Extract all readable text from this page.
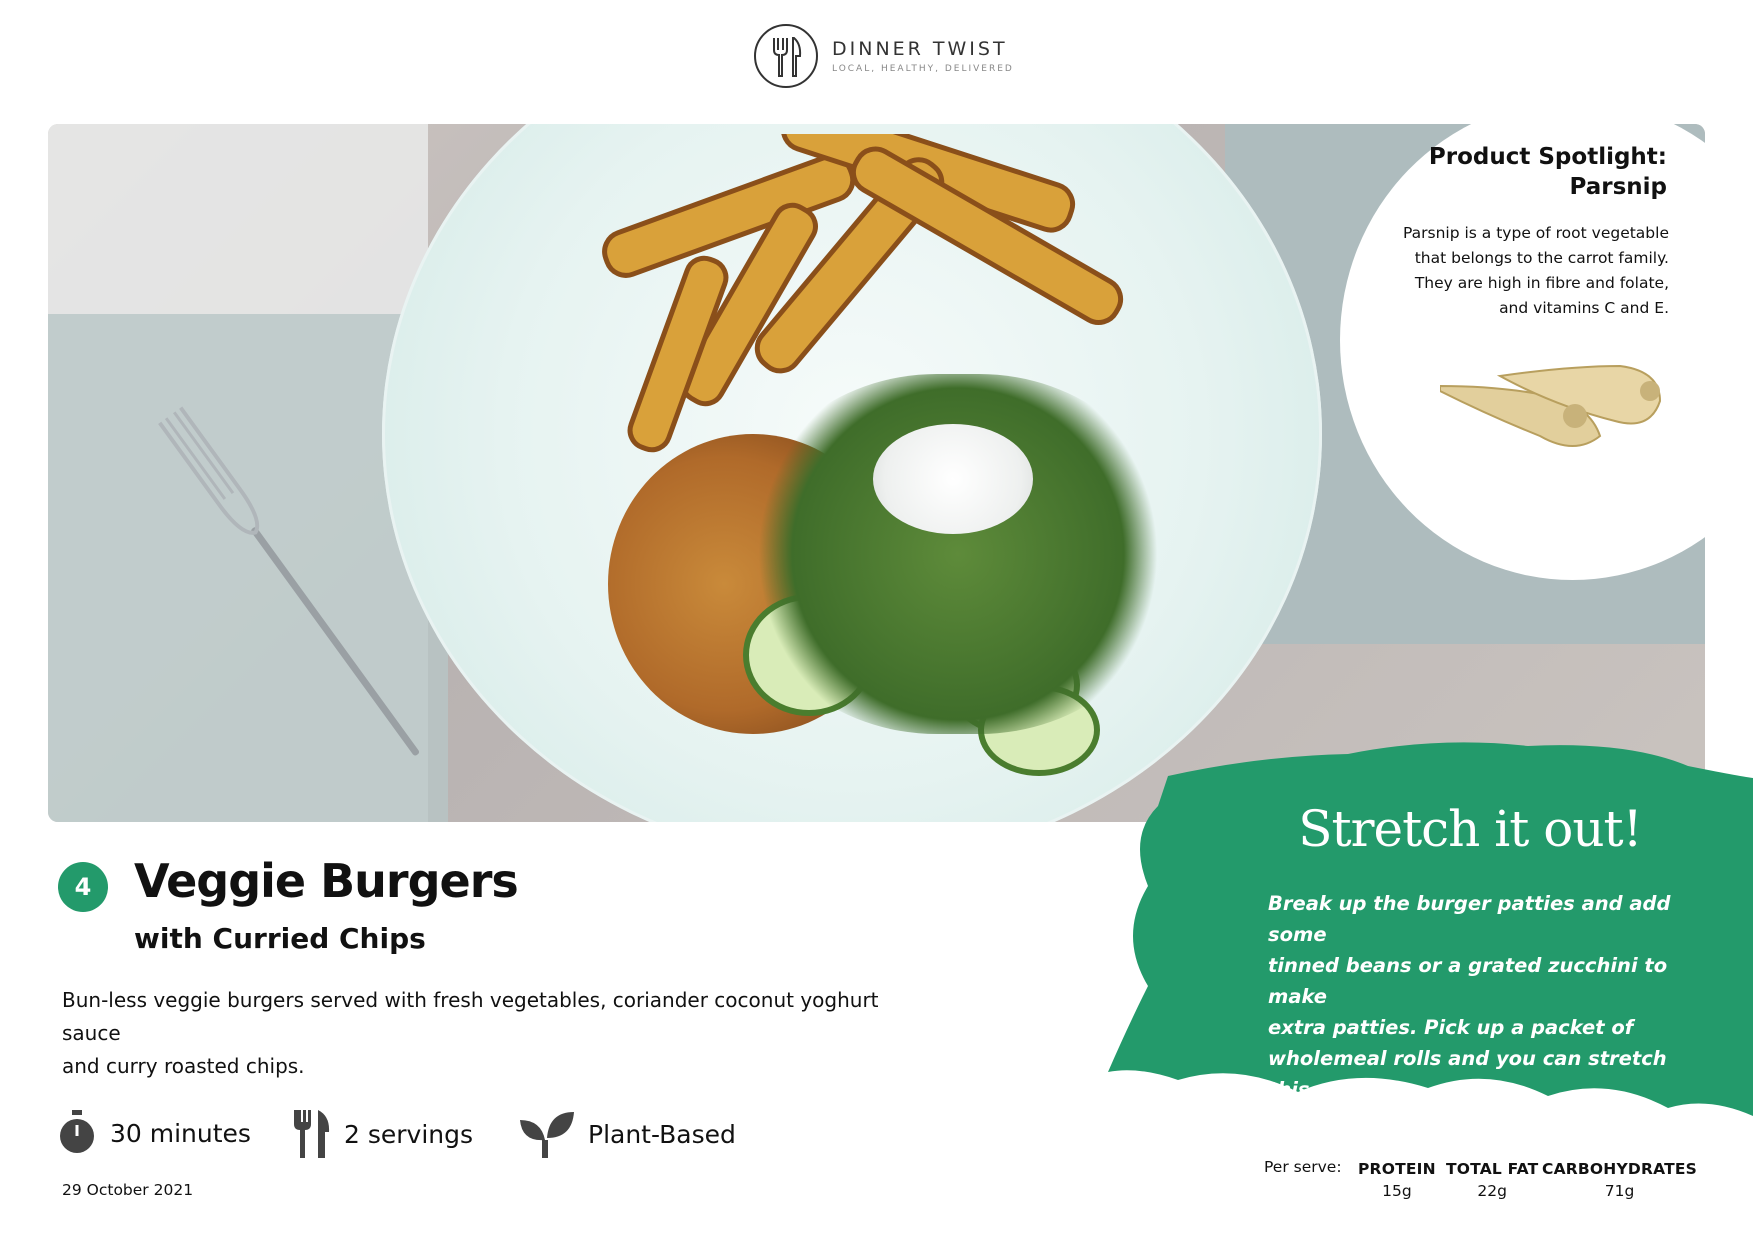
DINNER TWIST
LOCAL, HEALTHY, DELIVERED
Product Spotlight:
Parsnip
Parsnip is a type of root vegetable
that belongs to the carrot family.
They are high in fibre and folate,
and vitamins C and E.
Stretch it out!
Break up the burger patties and add some
tinned beans or a grated zucchini to make
extra patties. Pick up a packet of
wholemeal rolls and you can stretch this
meal out to get a few more servings.
4 Veggie Burgers
with Curried Chips
Bun-less veggie burgers served with fresh vegetables, coriander coconut yoghurt sauce
and curry roasted chips.
30 minutes	2 servings	Plant-Based
29 October 2021
Per serve: PROTEIN
15g
TOTAL FAT
22g
CARBOHYDRATES
71g
